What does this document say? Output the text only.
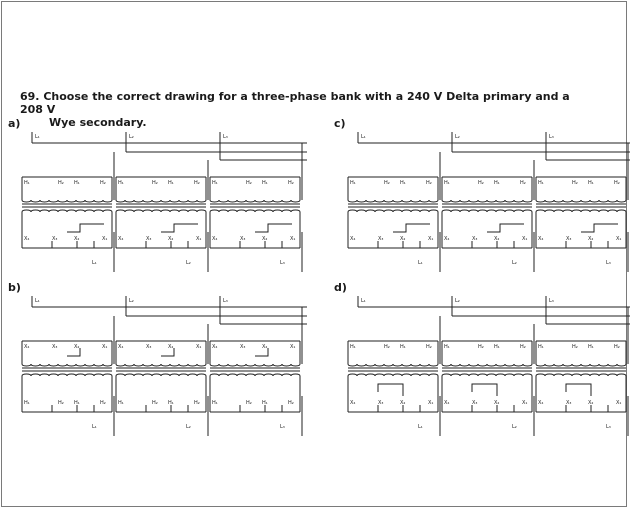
69. Choose the correct drawing for a three-phase bank with a 240 V Delta primary and a 208 V
Wye secondary.
a)	c)
b)	d)
L₁	L₂	L₃
H₁	H₂ H₁	H₂
X₄	X₃	X₂	X₁
L₁
H₁	H₂ H₁	H₂
X₄	X₃	X₂	X₁
L₂
H₁	H₂ H₁	H₂
X₄	X₃	X₂	X₁
L₃
L₁	L₂	L₃
X₄	X₃	X₂	X₁
H₁	H₂ H₁	H₂
L₁
X₄	X₃	X₂	X₁
H₁	H₂ H₁	H₂
L₂
X₄	X₃	X₂	X₁
H₁	H₂ H₁	H₂
L₃
L₁	L₂	L₃
H₁	H₂ H₁	H₂
X₄	X₃	X₂	X₁
L₁
H₁	H₂ H₁	H₂
X₄	X₃	X₂	X₁
L₂
H₁	H₂ H₁	H₂
X₄	X₃	X₂	X₁
L₃
L₁	L₂	L₃
H₁	H₂ H₁	H₂
X₄	X₃	X₂	X₁
L₁
H₁	H₂ H₁	H₂
X₄	X₃	X₂	X₁
L₂
H₁	H₂ H₁	H₂
X₄	X₃	X₂	X₁
L₃
